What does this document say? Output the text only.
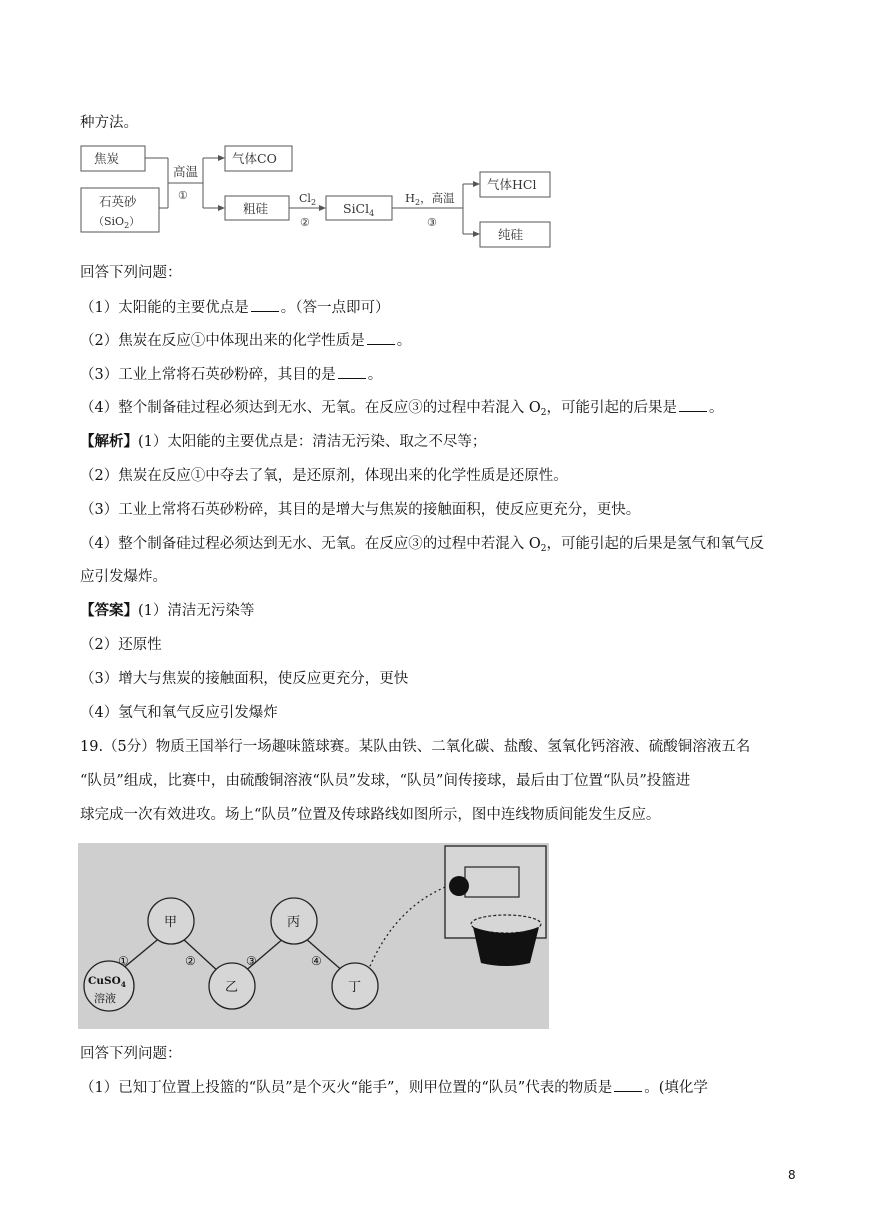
种方法。
焦炭
石英砂
（SiO$_2$）
气体CO
粗硅	SiCl$_4$
气体HCl
纯硅
高温
①	$Cl_2$
②
$H_2$，高温
③
回答下列问题：
（1）太阳能的主要优点是 。（答一点即可）
（2）焦炭在反应①中体现出来的化学性质是 。
（3）工业上常将石英砂粉碎，其目的是 。
（4）整个制备硅过程必须达到无水、无氧。在反应③的过程中若混入 $O_2$，可能引起的后果是 。
【解析】(1）太阳能的主要优点是：清洁无污染、取之不尽等；
（2）焦炭在反应①中夺去了氧，是还原剂，体现出来的化学性质是还原性。
（3）工业上常将石英砂粉碎，其目的是增大与焦炭的接触面积，使反应更充分，更快。
（4）整个制备硅过程必须达到无水、无氧。在反应③的过程中若混入 $O_2$，可能引起的后果是氢气和氧气反
应引发爆炸。
【答案】(1）清洁无污染等
（2）还原性
（3）增大与焦炭的接触面积，使反应更充分，更快
（4）氢气和氧气反应引发爆炸
19.（5分）物质王国举行一场趣味篮球赛。某队由铁、二氧化碳、盐酸、氢氧化钙溶液、硫酸铜溶液五名
“队员”组成，比赛中，由硫酸铜溶液“队员”发球，“队员”间传接球，最后由丁位置“队员”投篮进
球完成一次有效进攻。场上“队员”位置及传球路线如图所示，图中连线物质间能发生反应。
甲	丙
乙	丁
CuSO$_4$
溶液
①	②	③	④
回答下列问题：
（1）已知丁位置上投篮的“队员”是个灭火“能手”，则甲位置的“队员”代表的物质是 。(填化学
8
